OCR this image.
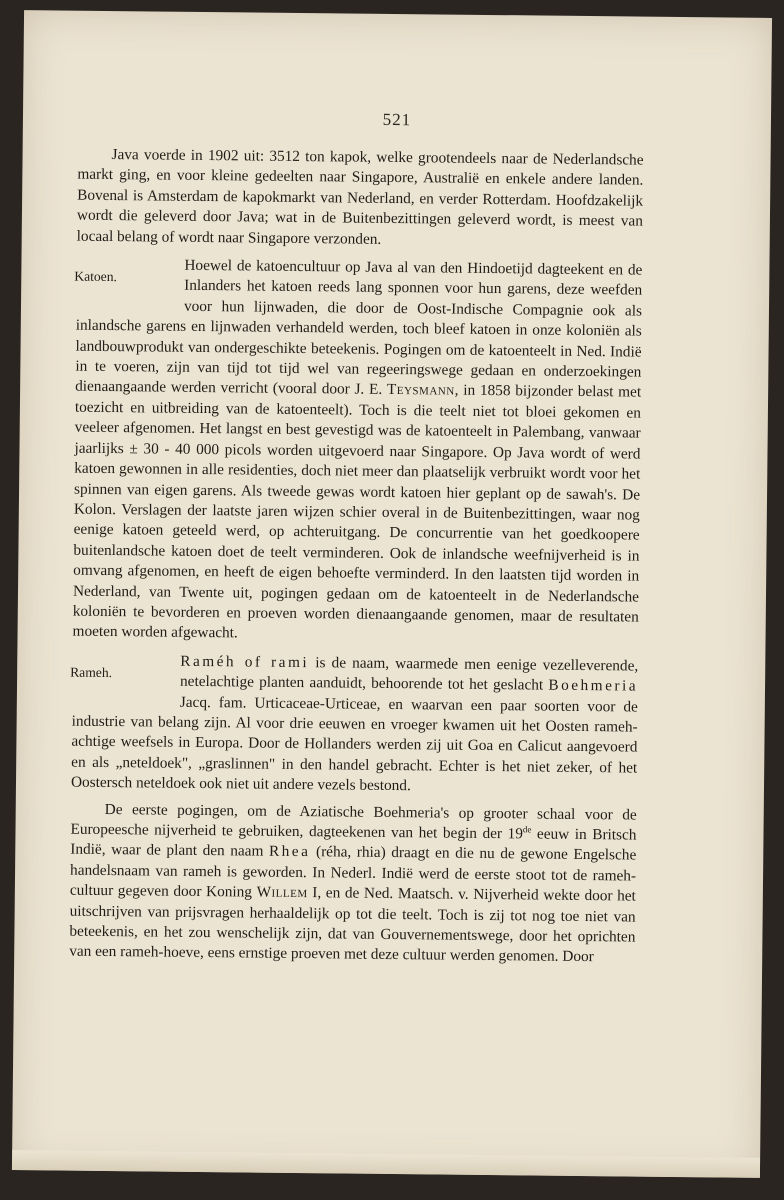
521

Java voerde in 1902 uit: 3512 ton kapok, welke grootendeels naar de Nederlandsche markt ging, en voor kleine gedeelten naar Singapore, Australië en enkele andere landen. Bovenal is Amsterdam de kapokmarkt van Nederland, en verder Rotterdam. Hoofdzakelijk wordt die geleverd door Java; wat in de Buitenbezittingen geleverd wordt, is meest van locaal belang of wordt naar Singapore verzonden.

Katoen.	Hoewel de katoencultuur op Java al van den Hindoetijd dagteekent en de Inlanders het katoen reeds lang sponnen voor hun garens, deze weefden voor hun lijnwaden, die door de Oost-Indische Compagnie ook als inlandsche garens en lijnwaden verhandeld werden, toch bleef katoen in onze koloniën als landbouwprodukt van ondergeschikte beteekenis. Pogingen om de katoenteelt in Ned. Indië in te voeren, zijn van tijd tot tijd wel van regeeringswege gedaan en onderzoekingen dienaangaande werden verricht (vooral door J. E. Teysmann, in 1858 bijzonder belast met toezicht en uitbreiding van de katoenteelt). Toch is die teelt niet tot bloei gekomen en veeleer afgenomen. Het langst en best gevestigd was de katoenteelt in Palembang, vanwaar jaarlijks ± 30 - 40 000 picols worden uitgevoerd naar Singapore. Op Java wordt of werd katoen gewonnen in alle residenties, doch niet meer dan plaatselijk verbruikt wordt voor het spinnen van eigen garens. Als tweede gewas wordt katoen hier geplant op de sawah's. De Kolon. Verslagen der laatste jaren wijzen schier overal in de Buitenbezittingen, waar nog eenige katoen geteeld werd, op achteruitgang. De concurrentie van het goedkoopere buitenlandsche katoen doet de teelt verminderen. Ook de inlandsche weefnijverheid is in omvang afgenomen, en heeft de eigen behoefte verminderd. In den laatsten tijd worden in Nederland, van Twente uit, pogingen gedaan om de katoenteelt in de Nederlandsche koloniën te bevorderen en proeven worden dienaangaande genomen, maar de resultaten moeten worden afgewacht.

Rameh.

Raméh of rami is de naam, waarmede men eenige vezelleverende, netelachtige planten aanduidt, behoorende tot het geslacht Boehmeria Jacq. fam. Urticaceae-Urticeae, en waarvan een paar soorten voor de industrie van belang zijn. Al voor drie eeuwen en vroeger kwamen uit het Oosten rameh-achtige weefsels in Europa. Door de Hollanders werden zij uit Goa en Calicut aangevoerd en als „neteldoek", „graslinnen" in den handel gebracht. Echter is het niet zeker, of het Oostersch neteldoek ook niet uit andere vezels bestond.

De eerste pogingen, om de Aziatische Boehmeria's op grooter schaal voor de Europeesche nijverheid te gebruiken, dagteekenen van het begin der 19de eeuw in Britsch Indië, waar de plant den naam Rhea (réha, rhia) draagt en die nu de gewone Engelsche handelsnaam van rameh is geworden. In Nederl. Indië werd de eerste stoot tot de rameh-cultuur gegeven door Koning Willem I, en de Ned. Maatsch. v. Nijverheid wekte door het uitschrijven van prijsvragen herhaaldelijk op tot die teelt. Toch is zij tot nog toe niet van beteekenis, en het zou wenschelijk zijn, dat van Gouvernementswege, door het oprichten van een rameh-hoeve, eens ernstige proeven met deze cultuur werden genomen. Door
